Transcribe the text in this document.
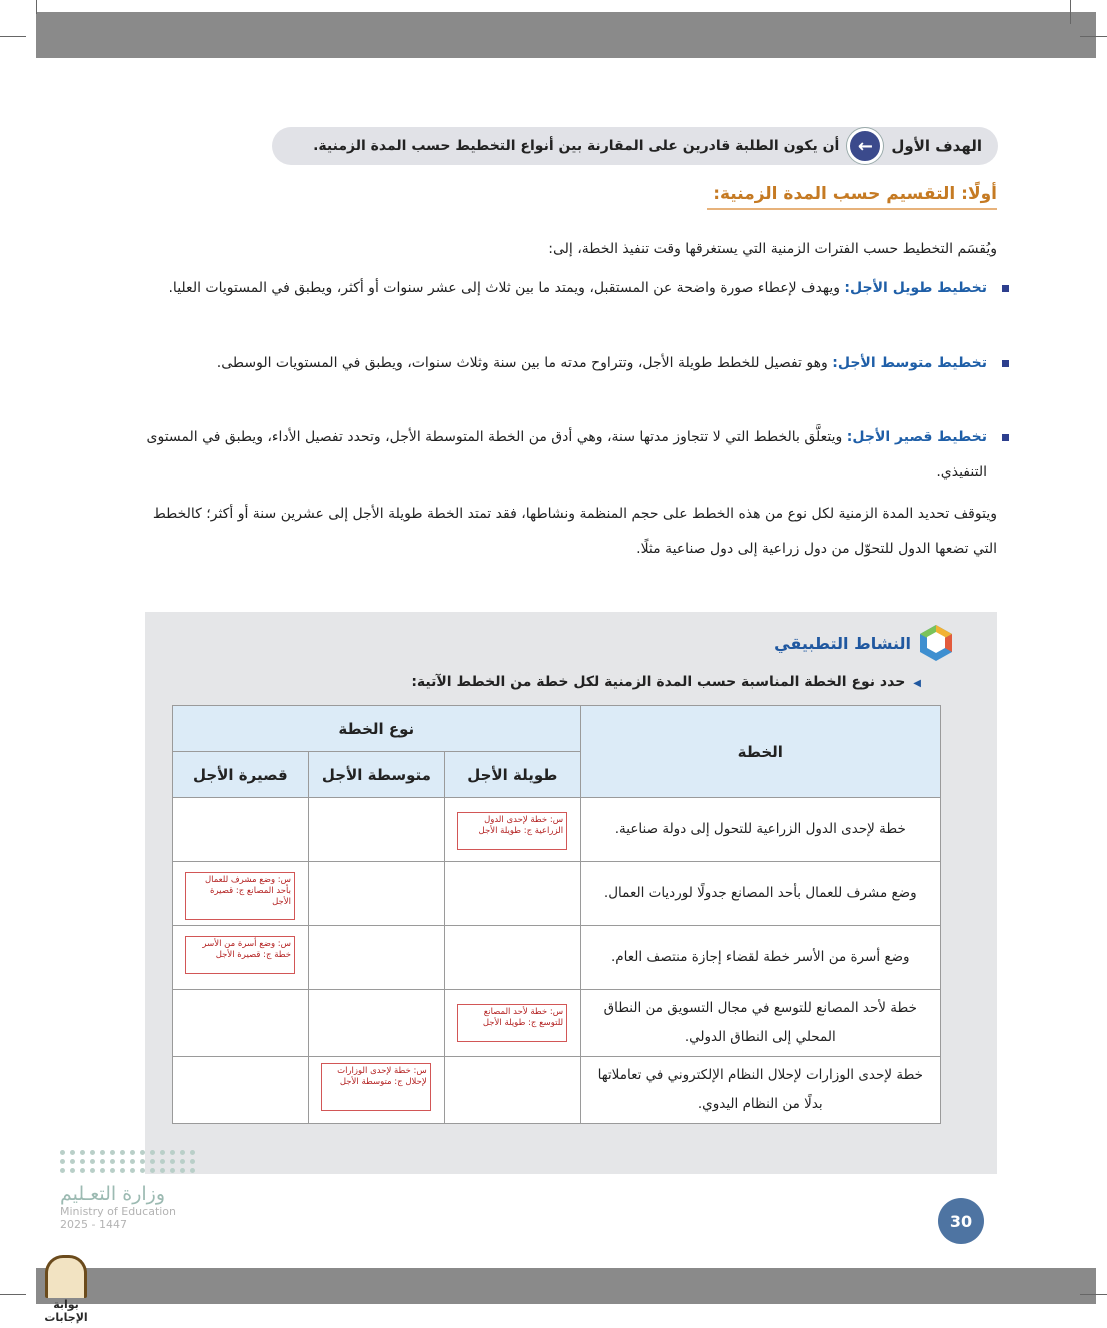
الهدف الأول
←
أن يكون الطلبة قادرين على المقارنة بين أنواع التخطيط حسب المدة الزمنية.
أولًا: التقسيم حسب المدة الزمنية:
ويُقسَم التخطيط حسب الفترات الزمنية التي يستغرقها وقت تنفيذ الخطة، إلى:
تخطيط طويل الأجل: ويهدف لإعطاء صورة واضحة عن المستقبل، ويمتد ما بين ثلاث إلى عشر سنوات أو أكثر، ويطبق في المستويات العليا.
تخطيط متوسط الأجل: وهو تفصيل للخطط طويلة الأجل، وتتراوح مدته ما بين سنة وثلاث سنوات، ويطبق في المستويات الوسطى.
تخطيط قصير الأجل: ويتعلَّق بالخطط التي لا تتجاوز مدتها سنة، وهي أدق من الخطة المتوسطة الأجل، وتحدد تفصيل الأداء، ويطبق في المستوى التنفيذي.
ويتوقف تحديد المدة الزمنية لكل نوع من هذه الخطط على حجم المنظمة ونشاطها، فقد تمتد الخطة طويلة الأجل إلى عشرين سنة أو أكثر؛ كالخطط التي تضعها الدول للتحوّل من دول زراعية إلى دول صناعية مثلًا.
النشاط التطبيقي
◀حدد نوع الخطة المناسبة حسب المدة الزمنية لكل خطة من الخطط الآتية:
الخطة	نوع الخطة		
	طويلة الأجل	متوسطة الأجل	قصيرة الأجل
خطة لإحدى الدول الزراعية للتحول إلى دولة صناعية.	س: خطة لإحدى الدول الزراعية ج: طويلة الأجل		

وضع مشرف للعمال بأحد المصانع جدولًا لورديات العمال.			س: وضع مشرف للعمال بأحد المصانع ج: قصيرة الأجل

وضع أسرة من الأسر خطة لقضاء إجازة منتصف العام.			س: وضع أسرة من الأسر خطة ج: قصيرة الأجل

خطة لأحد المصانع للتوسع في مجال التسويق من النطاق المحلي إلى النطاق الدولي.	س: خطة لأحد المصانع للتوسع ج: طويلة الأجل		

خطة لإحدى الوزارات لإحلال النظام الإلكتروني في تعاملاتها بدلًا من النظام اليدوي.		س: خطة لإحدى الوزارات لإحلال ج: متوسطة الأجل	

وزارة التعـليم
Ministry of Education
2025 - 1447	30
بوابة الإجابات
